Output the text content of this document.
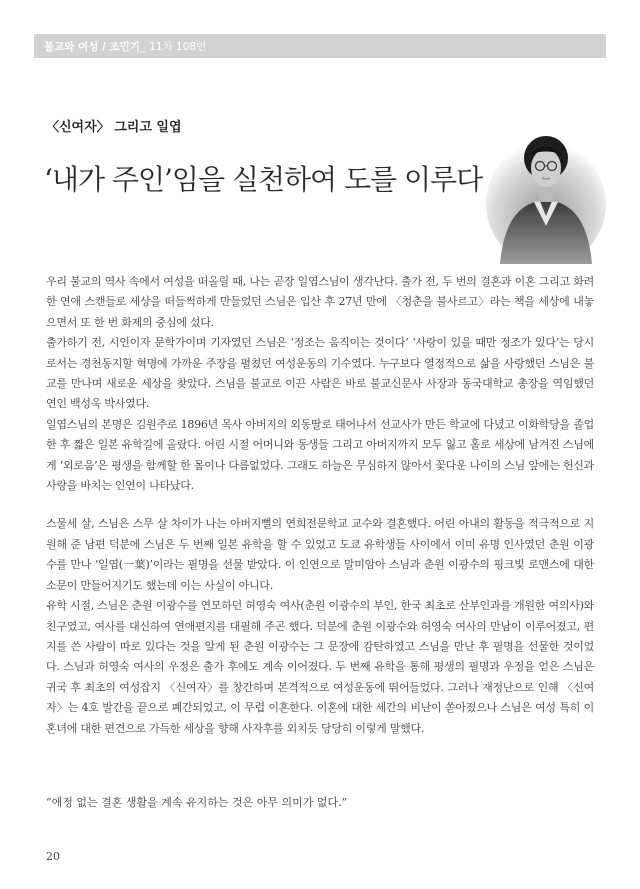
불교와 여성 / 조민기_ 11차 108인
〈신여자〉 그리고 일엽
‘내가 주인’임을 실천하여 도를 이루다

우리 불교의 역사 속에서 여성을 떠올릴 때, 나는 곧장 일엽스님이 생각난다. 출가 전, 두 번의 결혼과 이혼 그리고 화려한 연애 스캔들로 세상을 떠들썩하게 만들었던 스님은 입산 후 27년 만에 〈청춘을 불사르고〉라는 책을 세상에 내놓으면서 또 한 번 화제의 중심에 섰다.

출가하기 전, 시인이자 문학가이며 기자였던 스님은 ‘정조는 움직이는 것이다’ ‘사랑이 있을 때만 정조가 있다’는 당시로서는 경천동지할 혁명에 가까운 주장을 펼쳤던 여성운동의 기수였다. 누구보다 열정적으로 삶을 사랑했던 스님은 불교를 만나며 새로운 세상을 찾았다. 스님을 불교로 이끈 사람은 바로 불교신문사 사장과 동국대학교 총장을 역임했던 연인 백성욱 박사였다.

일엽스님의 본명은 김원주로 1896년 목사 아버지의 외동딸로 태어나서 선교사가 만든 학교에 다녔고 이화학당을 졸업한 후 짧은 일본 유학길에 올랐다. 어린 시절 어머니와 동생들 그리고 아버지까지 모두 잃고 홀로 세상에 남겨진 스님에게 ‘외로움’은 평생을 함께할 한 몸이나 다름없었다. 그래도 하늘은 무심하지 않아서 꽃다운 나이의 스님 앞에는 헌신과 사랑을 바치는 인연이 나타났다.

스물세 살, 스님은 스무 살 차이가 나는 아버지뻘의 연희전문학교 교수와 결혼했다. 어린 아내의 활동을 적극적으로 지원해 준 남편 덕분에 스님은 두 번째 일본 유학을 할 수 있었고 도쿄 유학생들 사이에서 이미 유명 인사였던 춘원 이광수를 만나 ‘일엽(一葉)’이라는 필명을 선물 받았다. 이 인연으로 말미암아 스님과 춘원 이광수의 핑크빛 로맨스에 대한 소문이 만들어지기도 했는데 이는 사실이 아니다.

유학 시절, 스님은 춘원 이광수를 연모하던 허영숙 여사(춘원 이광수의 부인, 한국 최초로 산부인과를 개원한 여의사)와 친구였고, 여사를 대신하여 연애편지를 대필해 주곤 했다. 덕분에 춘원 이광수와 허영숙 여사의 만남이 이루어졌고, 편지를 쓴 사람이 따로 있다는 것을 알게 된 춘원 이광수는 그 문장에 감탄하였고 스님을 만난 후 필명을 선물한 것이었다. 스님과 허영숙 여사의 우정은 출가 후에도 계속 이어졌다. 두 번째 유학을 통해 평생의 필명과 우정을 얻은 스님은 귀국 후 최초의 여성잡지 〈신여자〉를 창간하며 본격적으로 여성운동에 뛰어들었다. 그러나 재정난으로 인해 〈신여자〉는 4호 발간을 끝으로 폐간되었고, 이 무렵 이혼한다. 이혼에 대한 세간의 비난이 쏟아졌으나 스님은 여성 특히 이혼녀에 대한 편견으로 가득한 세상을 향해 사자후를 외치듯 당당히 이렇게 말했다.

“애정 없는 결혼 생활을 계속 유지하는 것은 아무 의미가 없다.”
20
